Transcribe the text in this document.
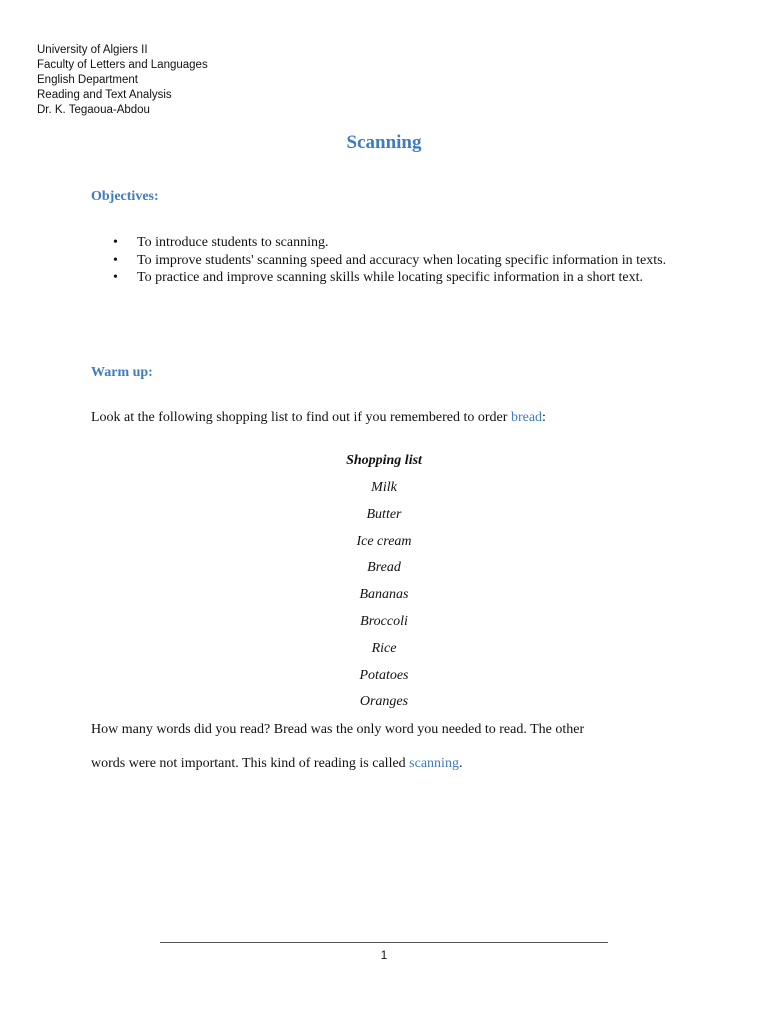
University of Algiers II
Faculty of Letters and Languages
English Department
Reading and Text Analysis
Dr. K. Tegaoua-Abdou
Scanning
Objectives:
• To introduce students to scanning.
• To improve students' scanning speed and accuracy when locating specific information in texts.
• To practice and improve scanning skills while locating specific information in a short text.
Warm up:
Look at the following shopping list to find out if you remembered to order bread:
Shopping list
Milk
Butter
Ice cream
Bread
Bananas
Broccoli
Rice
Potatoes
Oranges
How many words did you read? Bread was the only word you needed to read. The other
words were not important. This kind of reading is called scanning.
1
